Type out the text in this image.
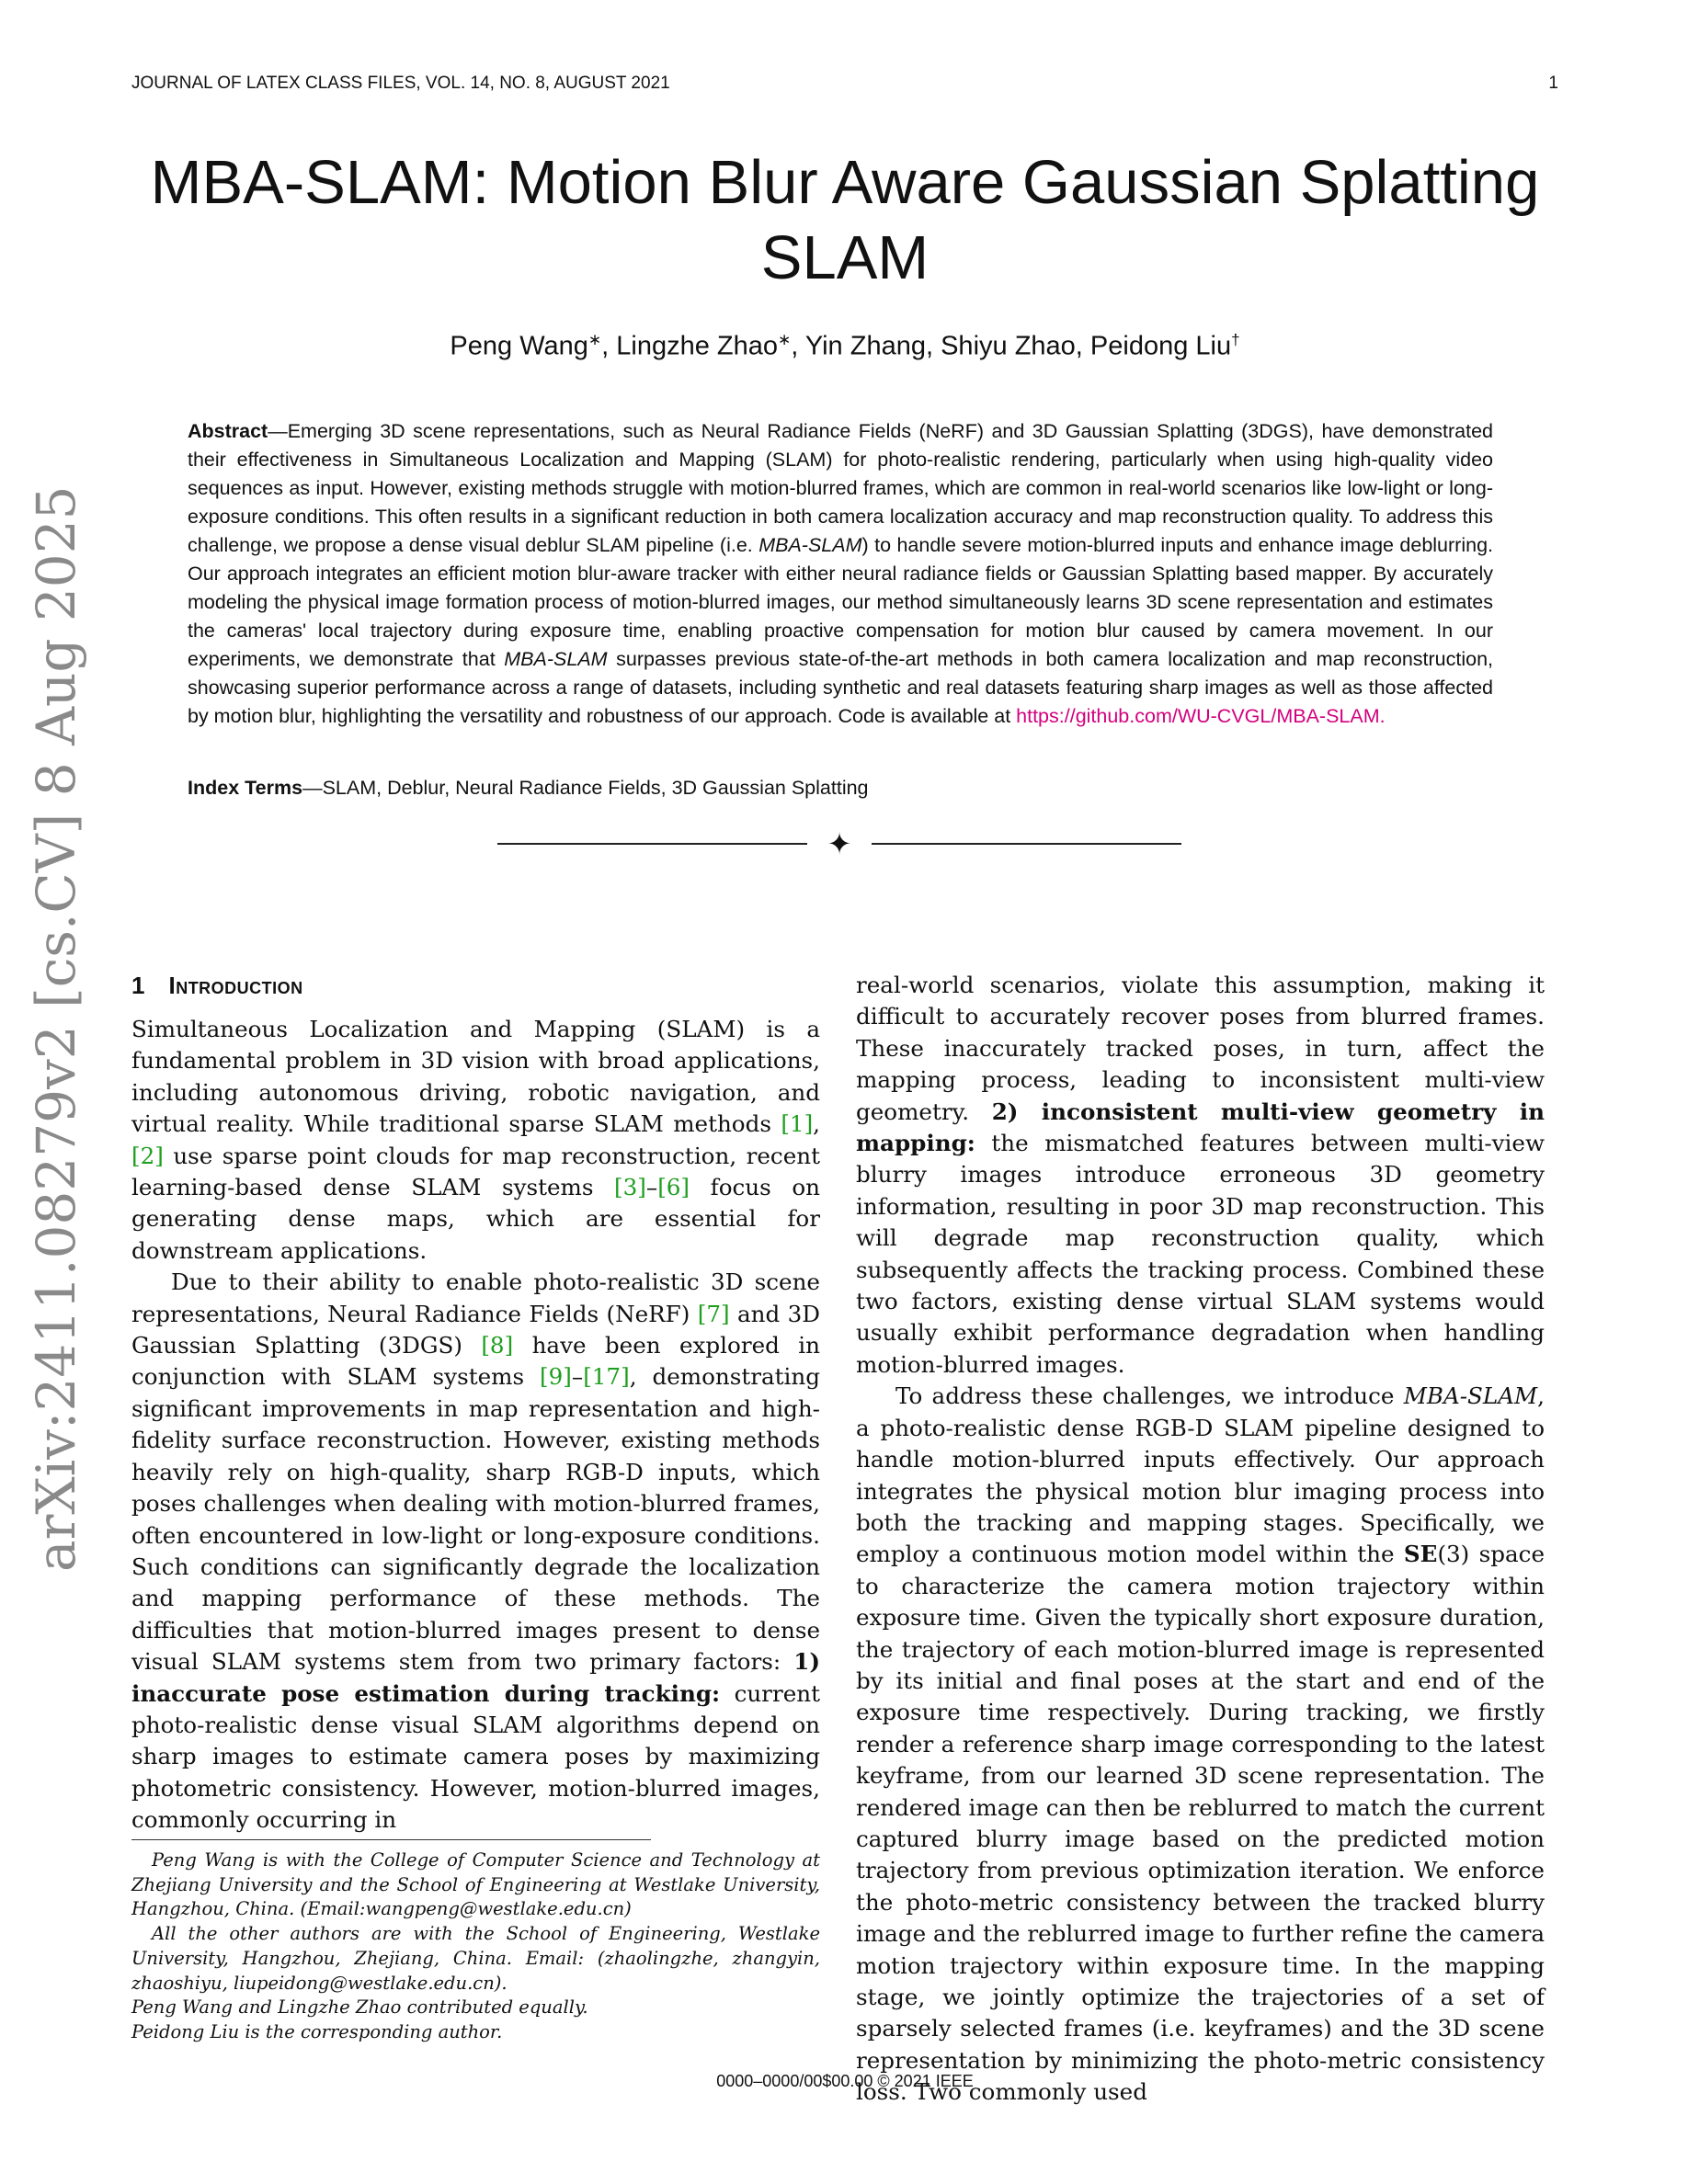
JOURNAL OF LATEX CLASS FILES, VOL. 14, NO. 8, AUGUST 2021	1
MBA-SLAM: Motion Blur Aware Gaussian Splatting SLAM
Peng Wang∗, Lingzhe Zhao∗, Yin Zhang, Shiyu Zhao, Peidong Liu†

Abstract—Emerging 3D scene representations, such as Neural Radiance Fields (NeRF) and 3D Gaussian Splatting (3DGS), have demonstrated their effectiveness in Simultaneous Localization and Mapping (SLAM) for photo-realistic rendering, particularly when using high-quality video sequences as input. However, existing methods struggle with motion-blurred frames, which are common in real-world scenarios like low-light or long-exposure conditions. This often results in a significant reduction in both camera localization accuracy and map reconstruction quality. To address this challenge, we propose a dense visual deblur SLAM pipeline (i.e. MBA-SLAM) to handle severe motion-blurred inputs and enhance image deblurring. Our approach integrates an efficient motion blur-aware tracker with either neural radiance fields or Gaussian Splatting based mapper. By accurately modeling the physical image formation process of motion-blurred images, our method simultaneously learns 3D scene representation and estimates the cameras' local trajectory during exposure time, enabling proactive compensation for motion blur caused by camera movement. In our experiments, we demonstrate that MBA-SLAM surpasses previous state-of-the-art methods in both camera localization and map reconstruction, showcasing superior performance across a range of datasets, including synthetic and real datasets featuring sharp images as well as those affected by motion blur, highlighting the versatility and robustness of our approach. Code is available at https://github.com/WU-CVGL/MBA-SLAM.

Index Terms—SLAM, Deblur, Neural Radiance Fields, 3D Gaussian Splatting

✦
1 Introduction

Simultaneous Localization and Mapping (SLAM) is a fundamental problem in 3D vision with broad applications, including autonomous driving, robotic navigation, and virtual reality. While traditional sparse SLAM methods [1], [2] use sparse point clouds for map reconstruction, recent learning-based dense SLAM systems [3]–[6] focus on generating dense maps, which are essential for downstream applications.

Due to their ability to enable photo-realistic 3D scene representations, Neural Radiance Fields (NeRF) [7] and 3D Gaussian Splatting (3DGS) [8] have been explored in conjunction with SLAM systems [9]–[17], demonstrating significant improvements in map representation and high-fidelity surface reconstruction. However, existing methods heavily rely on high-quality, sharp RGB-D inputs, which poses challenges when dealing with motion-blurred frames, often encountered in low-light or long-exposure conditions. Such conditions can significantly degrade the localization and mapping performance of these methods. The difficulties that motion-blurred images present to dense visual SLAM systems stem from two primary factors: 1) inaccurate pose estimation during tracking: current photo-realistic dense visual SLAM algorithms depend on sharp images to estimate camera poses by maximizing photometric consistency. However, motion-blurred images, commonly occurring in

real-world scenarios, violate this assumption, making it difficult to accurately recover poses from blurred frames. These inaccurately tracked poses, in turn, affect the mapping process, leading to inconsistent multi-view geometry. 2) inconsistent multi-view geometry in mapping: the mismatched features between multi-view blurry images introduce erroneous 3D geometry information, resulting in poor 3D map reconstruction. This will degrade map reconstruction quality, which subsequently affects the tracking process. Combined these two factors, existing dense virtual SLAM systems would usually exhibit performance degradation when handling motion-blurred images.

To address these challenges, we introduce MBA-SLAM, a photo-realistic dense RGB-D SLAM pipeline designed to handle motion-blurred inputs effectively. Our approach integrates the physical motion blur imaging process into both the tracking and mapping stages. Specifically, we employ a continuous motion model within the SE(3) space to characterize the camera motion trajectory within exposure time. Given the typically short exposure duration, the trajectory of each motion-blurred image is represented by its initial and final poses at the start and end of the exposure time respectively. During tracking, we firstly render a reference sharp image corresponding to the latest keyframe, from our learned 3D scene representation. The rendered image can then be reblurred to match the current captured blurry image based on the predicted motion trajectory from previous optimization iteration. We enforce the photo-metric consistency between the tracked blurry image and the reblurred image to further refine the camera motion trajectory within exposure time. In the mapping stage, we jointly optimize the trajectories of a set of sparsely selected frames (i.e. keyframes) and the 3D scene representation by minimizing the photo-metric consistency loss. Two commonly used

Peng Wang is with the College of Computer Science and Technology at Zhejiang University and the School of Engineering at Westlake University, Hangzhou, China. (Email:wangpeng@westlake.edu.cn)

All the other authors are with the School of Engineering, Westlake University, Hangzhou, Zhejiang, China. Email: (zhaolingzhe, zhangyin, zhaoshiyu, liupeidong@westlake.edu.cn).

Peng Wang and Lingzhe Zhao contributed equally.

Peidong Liu is the corresponding author.

0000–0000/00$00.00 © 2021 IEEE
arXiv:2411.08279v2 [cs.CV] 8 Aug 2025
